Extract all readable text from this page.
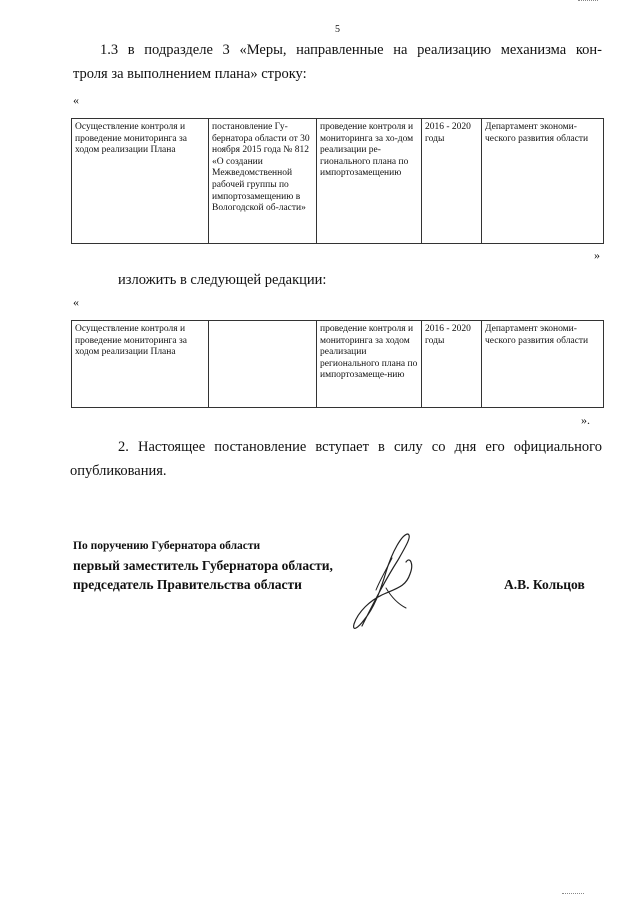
5
1.3 в подразделе 3 «Меры, направленные на реализацию механизма кон-
троля за выполнением плана» строку:
«
Осуществление контроля и проведение мониторинга за ходом реализации Плана	постановление Гу-бернатора области от 30 ноября 2015 года № 812 «О создании Межведомственной рабочей группы по импортозамещению в Вологодской об-ласти»	проведение контроля и мониторинга за хо-дом реализации ре-гионального плана по импортозамещению	2016 - 2020 годы	Департамент экономи-ческого развития области
»
изложить в следующей редакции:
«
Осуществление контроля и проведение мониторинга за ходом реализации Плана		проведение контроля и мониторинга за ходом реализации регионального плана по импортозамеще-нию	2016 - 2020 годы	Департамент экономи-ческого развития области
».
2. Настоящее постановление вступает в силу со дня его официального
опубликования.
По поручению Губернатора области
первый заместитель Губернатора области,
председатель Правительства области	А.В. Кольцов
